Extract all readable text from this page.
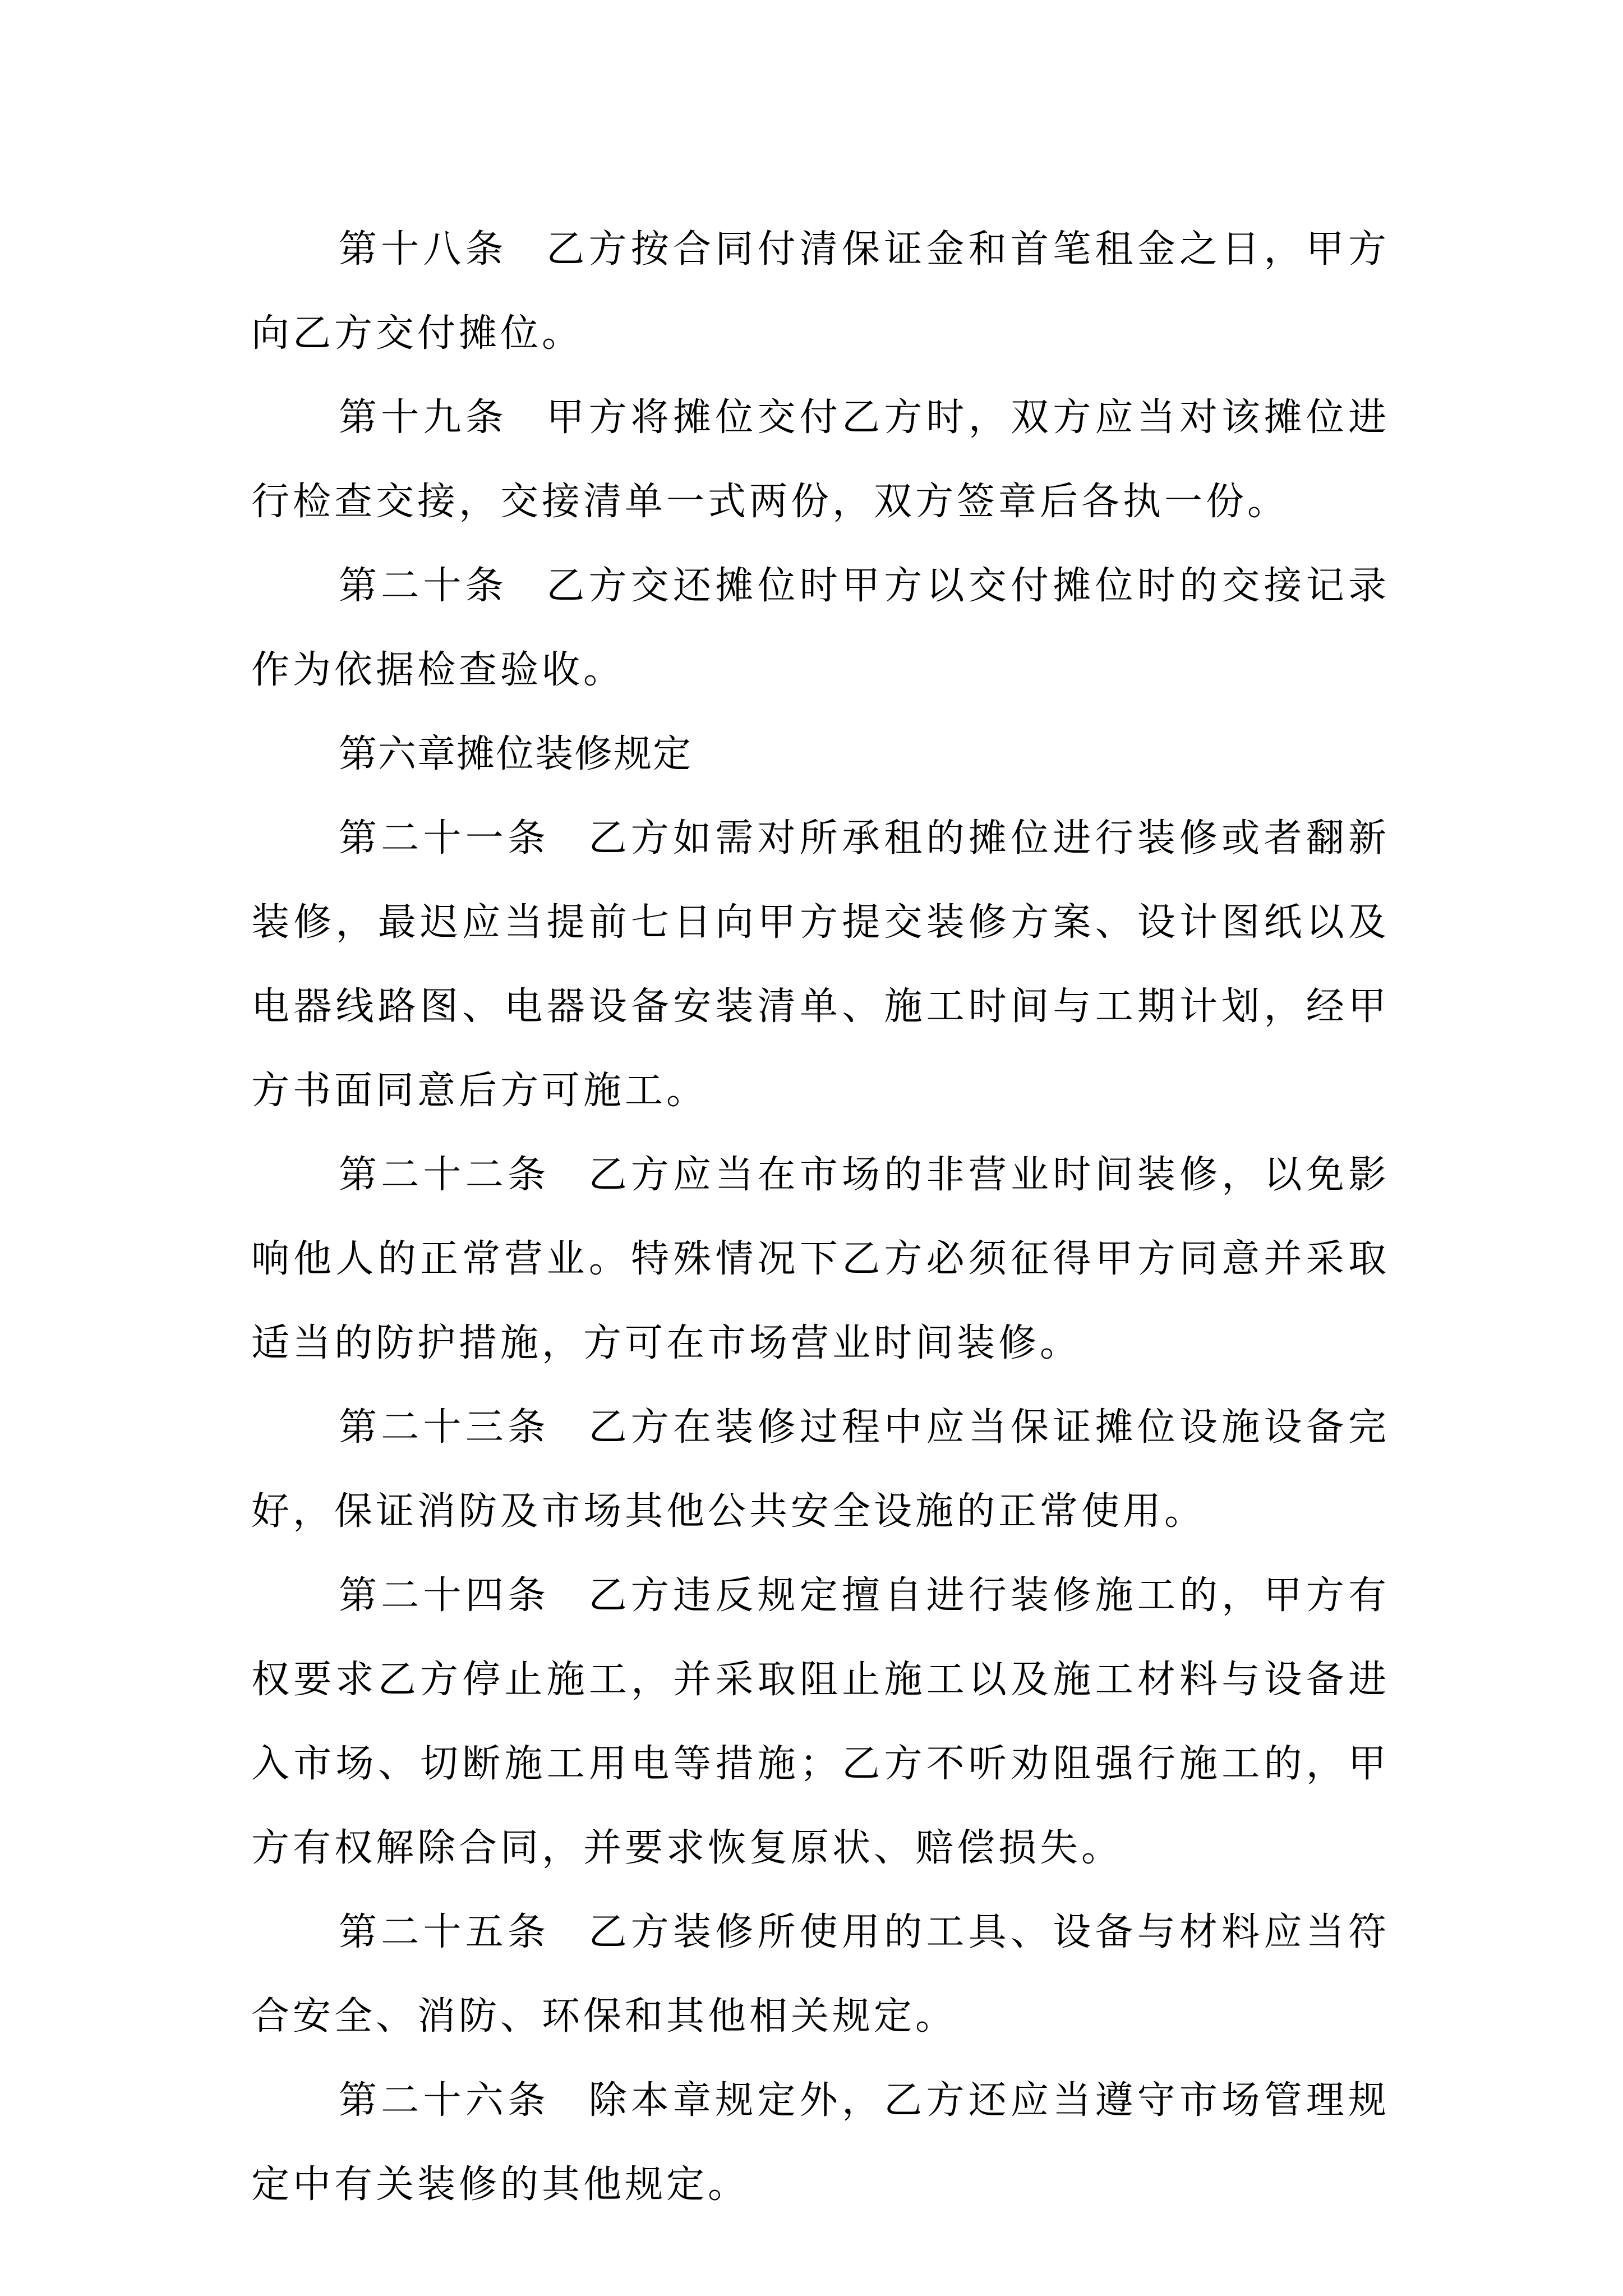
第十八条 乙方按合同付清保证金和首笔租金之日，甲方向乙方交付摊位。

第十九条 甲方将摊位交付乙方时，双方应当对该摊位进行检查交接，交接清单一式两份，双方签章后各执一份。

第二十条 乙方交还摊位时甲方以交付摊位时的交接记录作为依据检查验收。

第六章摊位装修规定

第二十一条 乙方如需对所承租的摊位进行装修或者翻新装修，最迟应当提前七日向甲方提交装修方案、设计图纸以及电器线路图、电器设备安装清单、施工时间与工期计划，经甲方书面同意后方可施工。

第二十二条 乙方应当在市场的非营业时间装修，以免影响他人的正常营业。特殊情况下乙方必须征得甲方同意并采取适当的防护措施，方可在市场营业时间装修。

第二十三条 乙方在装修过程中应当保证摊位设施设备完好，保证消防及市场其他公共安全设施的正常使用。

第二十四条 乙方违反规定擅自进行装修施工的，甲方有权要求乙方停止施工，并采取阻止施工以及施工材料与设备进入市场、切断施工用电等措施；乙方不听劝阻强行施工的，甲方有权解除合同，并要求恢复原状、赔偿损失。

第二十五条 乙方装修所使用的工具、设备与材料应当符合安全、消防、环保和其他相关规定。

第二十六条 除本章规定外，乙方还应当遵守市场管理规定中有关装修的其他规定。
